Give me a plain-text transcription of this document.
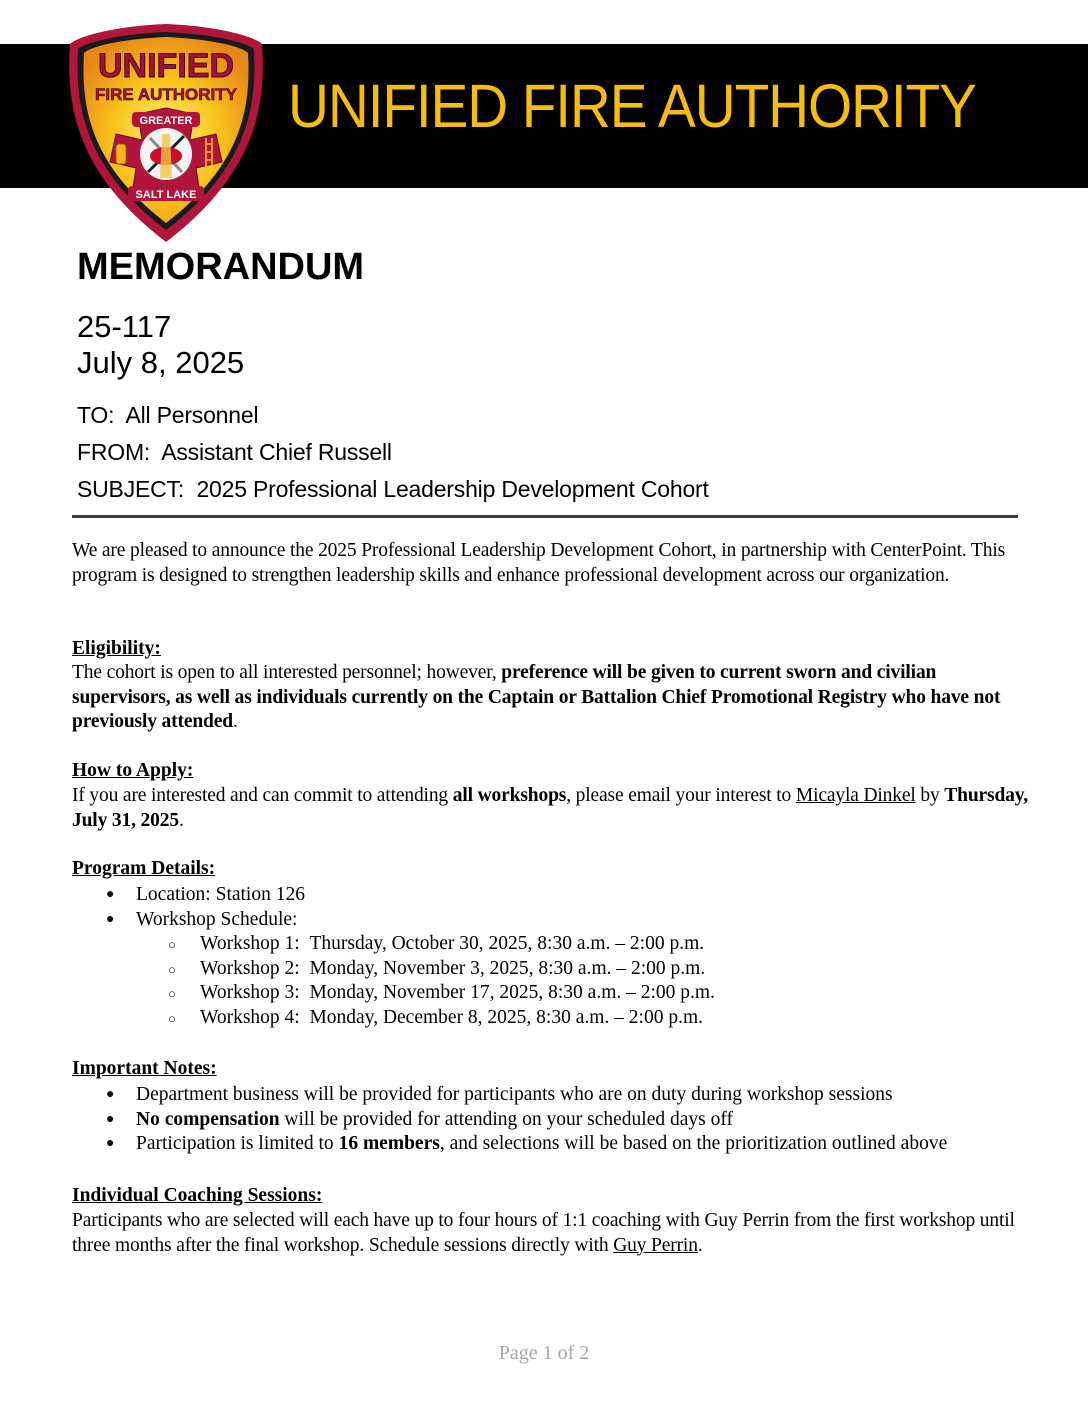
UNIFIED FIRE AUTHORITY
UNIFIED
FIRE AUTHORITY
GREATER
SALT LAKE
MEMORANDUM
25-117
July 8, 2025
TO: All Personnel
FROM: Assistant Chief Russell
SUBJECT: 2025 Professional Leadership Development Cohort
We are pleased to announce the 2025 Professional Leadership Development Cohort, in partnership with CenterPoint. This program is designed to strengthen leadership skills and enhance professional development across our organization.
Eligibility:
The cohort is open to all interested personnel; however, preference will be given to current sworn and civilian supervisors, as well as individuals currently on the Captain or Battalion Chief Promotional Registry who have not previously attended.
How to Apply:
If you are interested and can commit to attending all workshops, please email your interest to Micayla Dinkel by Thursday, July 31, 2025.
Program Details:
● Location: Station 126
● Workshop Schedule:
○ Workshop 1: Thursday, October 30, 2025, 8:30 a.m. – 2:00 p.m.
○ Workshop 2: Monday, November 3, 2025, 8:30 a.m. – 2:00 p.m.
○ Workshop 3: Monday, November 17, 2025, 8:30 a.m. – 2:00 p.m.
○ Workshop 4: Monday, December 8, 2025, 8:30 a.m. – 2:00 p.m.
Important Notes:
● Department business will be provided for participants who are on duty during workshop sessions
● No compensation will be provided for attending on your scheduled days off
● Participation is limited to 16 members, and selections will be based on the prioritization outlined above
Individual Coaching Sessions:
Participants who are selected will each have up to four hours of 1:1 coaching with Guy Perrin from the first workshop until three months after the final workshop. Schedule sessions directly with Guy Perrin.
Page 1 of 2
